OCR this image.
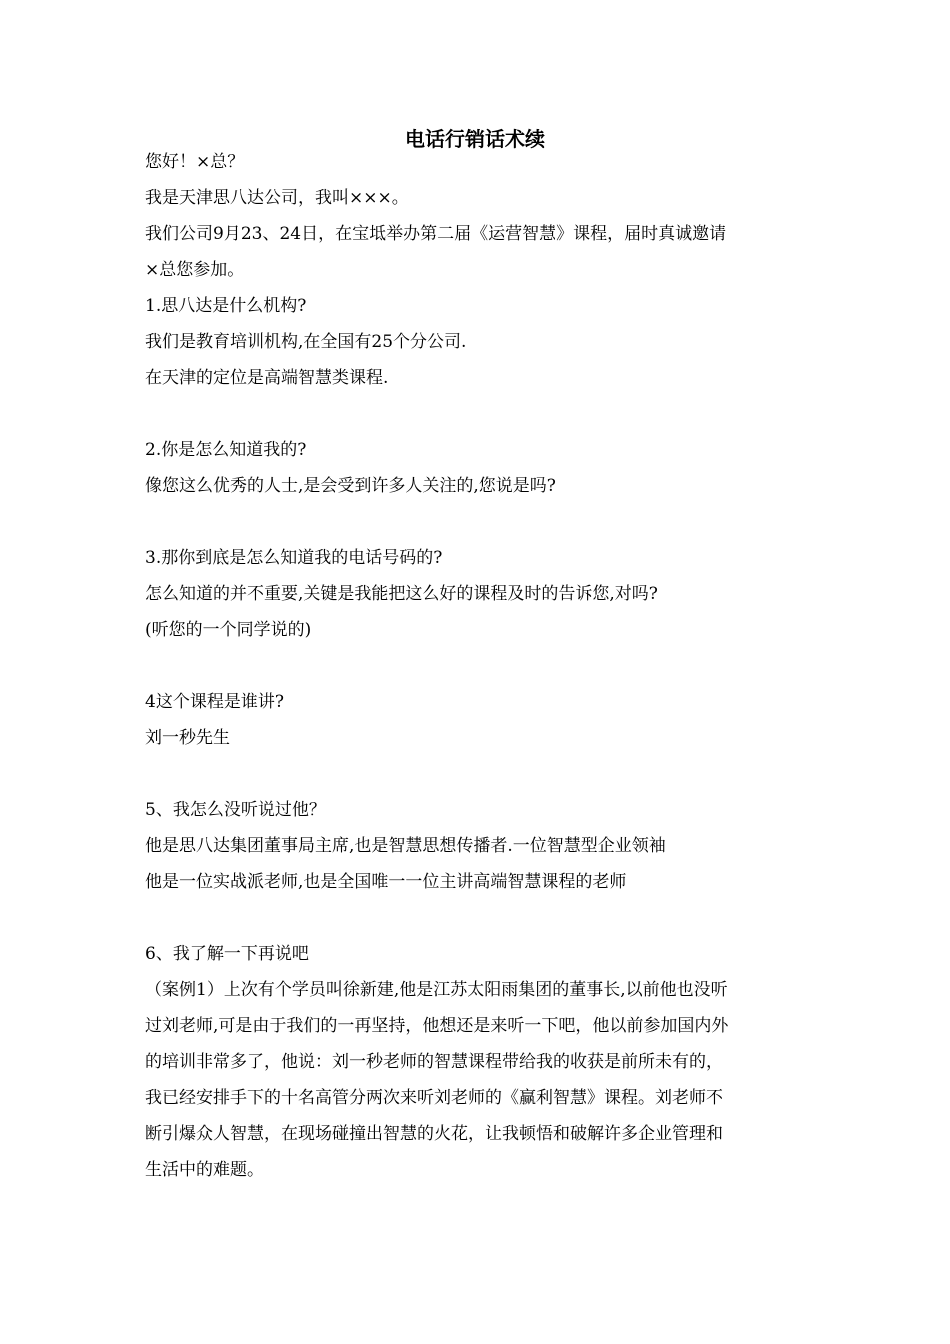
电话行销话术续

您好！×总？

我是天津思八达公司，我叫×××。

我们公司9月23、24日，在宝坻举办第二届《运营智慧》课程，届时真诚邀请

×总您参加。

1.思八达是什么机构?

我们是教育培训机构,在全国有25个分公司.

在天津的定位是高端智慧类课程.

2.你是怎么知道我的?

像您这么优秀的人士,是会受到许多人关注的,您说是吗?

3.那你到底是怎么知道我的电话号码的?

怎么知道的并不重要,关键是我能把这么好的课程及时的告诉您,对吗?

(听您的一个同学说的)

4这个课程是谁讲?

刘一秒先生

5、我怎么没听说过他？

他是思八达集团董事局主席,也是智慧思想传播者.一位智慧型企业领袖

他是一位实战派老师,也是全国唯一一位主讲高端智慧课程的老师

6、我了解一下再说吧

（案例1）上次有个学员叫徐新建,他是江苏太阳雨集团的董事长,以前他也没听

过刘老师,可是由于我们的一再坚持，他想还是来听一下吧，他以前参加国内外

的培训非常多了，他说：刘一秒老师的智慧课程带给我的收获是前所未有的，

我已经安排手下的十名高管分两次来听刘老师的《赢利智慧》课程。刘老师不

断引爆众人智慧，在现场碰撞出智慧的火花，让我顿悟和破解许多企业管理和

生活中的难题。
